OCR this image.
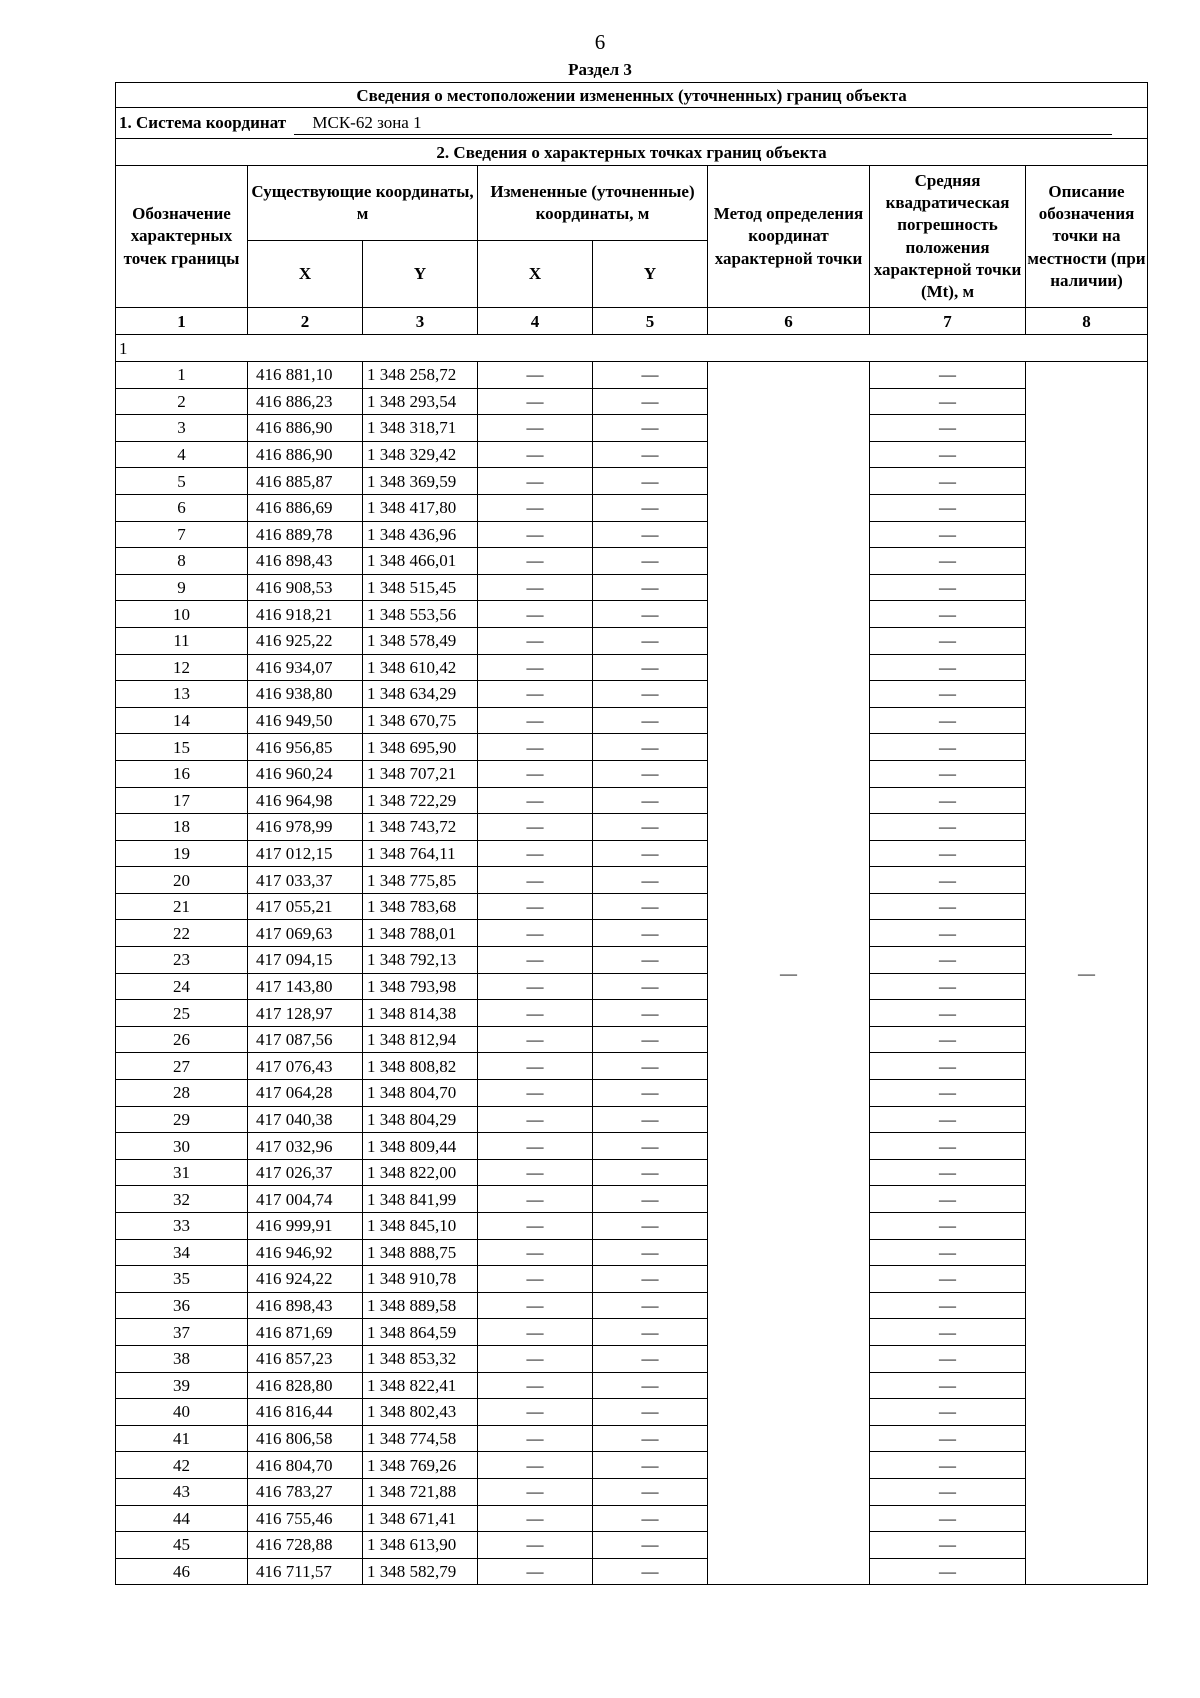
6
Раздел 3
Сведения о местоположении измененных (уточненных) границ объекта							
1. Система координат МСК-62 зона 1							
2. Сведения о характерных точках границ объекта							
Обозначение характерных точек границы	Существующие координаты, м		Измененные (уточненные) координаты, м		Метод определения координат характерной точки	Средняя квадратическая погрешность положения характерной точки (Mt), м	Описание обозначения точки на местности (при наличии)
	X	Y	X	Y			
1	2	3	4	5	6	7	8
1							
1	416 881,10	1 348 258,72	—	—	—	—	—
2	416 886,23	1 348 293,54	—	—		—	
3	416 886,90	1 348 318,71	—	—		—	
4	416 886,90	1 348 329,42	—	—		—	
5	416 885,87	1 348 369,59	—	—		—	
6	416 886,69	1 348 417,80	—	—		—	
7	416 889,78	1 348 436,96	—	—		—	
8	416 898,43	1 348 466,01	—	—		—	
9	416 908,53	1 348 515,45	—	—		—	
10	416 918,21	1 348 553,56	—	—		—	
11	416 925,22	1 348 578,49	—	—		—	
12	416 934,07	1 348 610,42	—	—		—	
13	416 938,80	1 348 634,29	—	—		—	
14	416 949,50	1 348 670,75	—	—		—	
15	416 956,85	1 348 695,90	—	—		—	
16	416 960,24	1 348 707,21	—	—		—	
17	416 964,98	1 348 722,29	—	—		—	
18	416 978,99	1 348 743,72	—	—		—	
19	417 012,15	1 348 764,11	—	—		—	
20	417 033,37	1 348 775,85	—	—		—	
21	417 055,21	1 348 783,68	—	—		—	
22	417 069,63	1 348 788,01	—	—		—	
23	417 094,15	1 348 792,13	—	—		—	
24	417 143,80	1 348 793,98	—	—		—	
25	417 128,97	1 348 814,38	—	—		—	
26	417 087,56	1 348 812,94	—	—		—	
27	417 076,43	1 348 808,82	—	—		—	
28	417 064,28	1 348 804,70	—	—		—	
29	417 040,38	1 348 804,29	—	—		—	
30	417 032,96	1 348 809,44	—	—		—	
31	417 026,37	1 348 822,00	—	—		—	
32	417 004,74	1 348 841,99	—	—		—	
33	416 999,91	1 348 845,10	—	—		—	
34	416 946,92	1 348 888,75	—	—		—	
35	416 924,22	1 348 910,78	—	—		—	
36	416 898,43	1 348 889,58	—	—		—	
37	416 871,69	1 348 864,59	—	—		—	
38	416 857,23	1 348 853,32	—	—		—	
39	416 828,80	1 348 822,41	—	—		—	
40	416 816,44	1 348 802,43	—	—		—	
41	416 806,58	1 348 774,58	—	—		—	
42	416 804,70	1 348 769,26	—	—		—	
43	416 783,27	1 348 721,88	—	—		—	
44	416 755,46	1 348 671,41	—	—		—	
45	416 728,88	1 348 613,90	—	—		—	
46	416 711,57	1 348 582,79	—	—		—	
